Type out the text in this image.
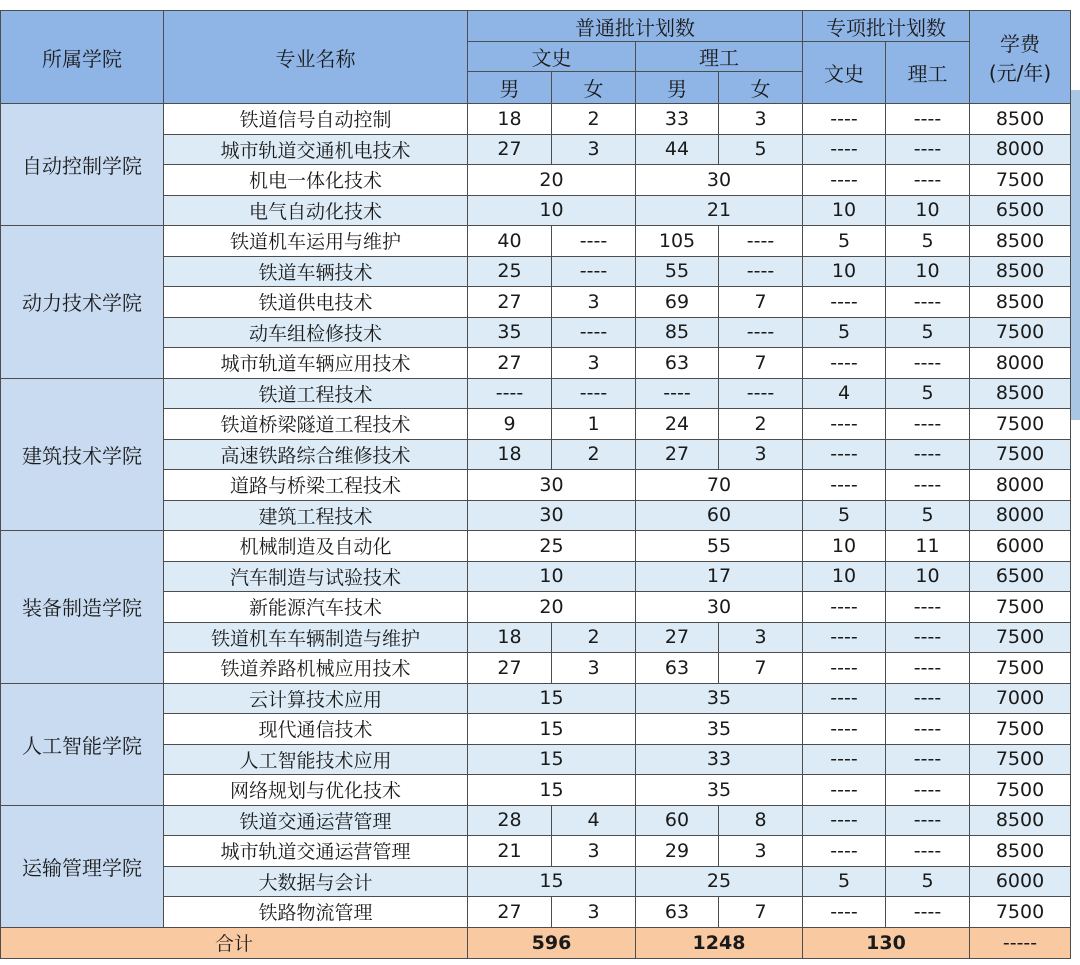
所属学院	专业名称	普通批计划数				专项批计划数		学费
(元/年)

		文史		理工		文史	理工	
		男	女	男	女			
自动控制学院	铁道信号自动控制	18	2	33	3	----	----	8500
	城市轨道交通机电技术	27	3	44	5	----	----	8000
	机电一体化技术	20		30		----	----	7500
	电气自动化技术	10		21		10	10	6500
动力技术学院	铁道机车运用与维护	40	----	105	----	5	5	8500
	铁道车辆技术	25	----	55	----	10	10	8500
	铁道供电技术	27	3	69	7	----	----	8500
	动车组检修技术	35	----	85	----	5	5	7500
	城市轨道车辆应用技术	27	3	63	7	----	----	8000
建筑技术学院	铁道工程技术	----	----	----	----	4	5	8500
	铁道桥梁隧道工程技术	9	1	24	2	----	----	7500
	高速铁路综合维修技术	18	2	27	3	----	----	7500
	道路与桥梁工程技术	30		70		----	----	8000
	建筑工程技术	30		60		5	5	8000
装备制造学院	机械制造及自动化	25		55		10	11	6000
	汽车制造与试验技术	10		17		10	10	6500
	新能源汽车技术	20		30		----	----	7500
	铁道机车车辆制造与维护	18	2	27	3	----	----	7500
	铁道养路机械应用技术	27	3	63	7	----	----	7500
人工智能学院	云计算技术应用	15		35		----	----	7000
	现代通信技术	15		35		----	----	7500
	人工智能技术应用	15		33		----	----	7500
	网络规划与优化技术	15		35		----	----	7500
运输管理学院	铁道交通运营管理	28	4	60	8	----	----	8500
	城市轨道交通运营管理	21	3	29	3	----	----	8500
	大数据与会计	15		25		5	5	6000
	铁路物流管理	27	3	63	7	----	----	7500
合计		596		1248		130		-----
